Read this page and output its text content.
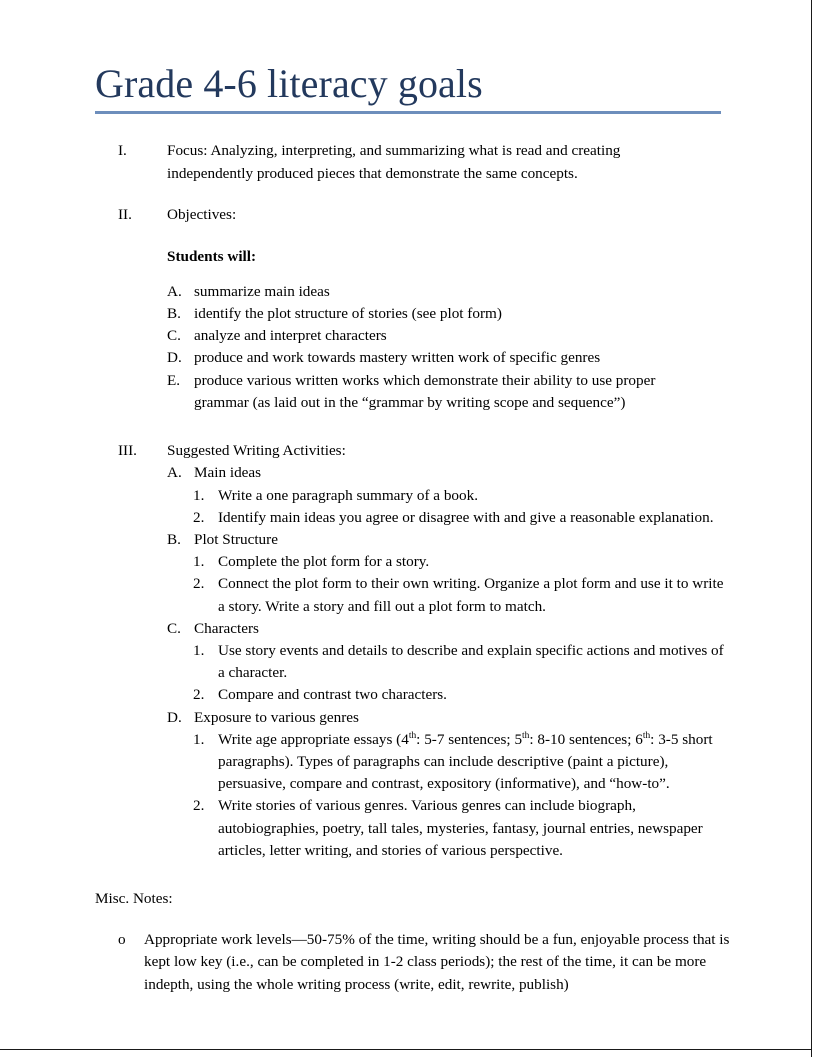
Grade 4-6 literacy goals
I.	Focus: Analyzing, interpreting, and summarizing what is read and creating independently produced pieces that demonstrate the same concepts.
II. Objectives:
Students will:
A. summarize main ideas
B. identify the plot structure of stories (see plot form)
C. analyze and interpret characters
D. produce and work towards mastery written work of specific genres
E. produce various written works which demonstrate their ability to use proper grammar (as laid out in the “grammar by writing scope and sequence”)
III. Suggested Writing Activities:
A. Main ideas
1. Write a one paragraph summary of a book.
2. Identify main ideas you agree or disagree with and give a reasonable explanation.
B. Plot Structure
1. Complete the plot form for a story.
2. Connect the plot form to their own writing. Organize a plot form and use it to write a story. Write a story and fill out a plot form to match.
C. Characters
1. Use story events and details to describe and explain specific actions and motives of a character.
2. Compare and contrast two characters.
D. Exposure to various genres
1. Write age appropriate essays (4th: 5-7 sentences; 5th: 8-10 sentences; 6th: 3-5 short paragraphs). Types of paragraphs can include descriptive (paint a picture), persuasive, compare and contrast, expository (informative), and “how-to”.
2. Write stories of various genres. Various genres can include biograph, autobiographies, poetry, tall tales, mysteries, fantasy, journal entries, newspaper articles, letter writing, and stories of various perspective.
Misc. Notes:
o Appropriate work levels—50-75% of the time, writing should be a fun, enjoyable process that is kept low key (i.e., can be completed in 1-2 class periods); the rest of the time, it can be more indepth, using the whole writing process (write, edit, rewrite, publish)
